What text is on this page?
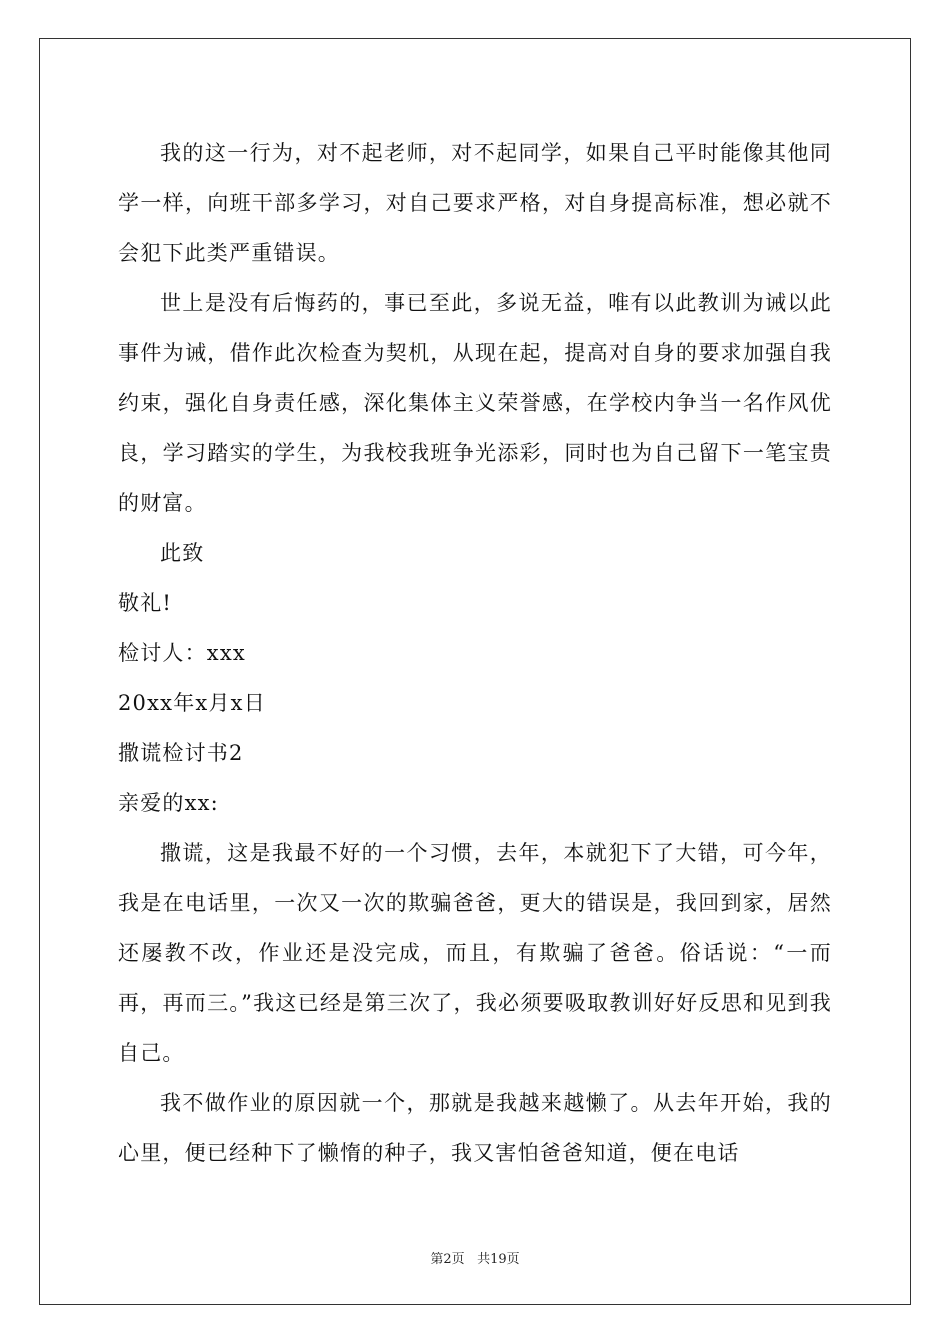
我的这一行为，对不起老师，对不起同学，如果自己平时能像其他同学一样，向班干部多学习，对自己要求严格，对自身提高标准，想必就不会犯下此类严重错误。

世上是没有后悔药的，事已至此，多说无益，唯有以此教训为诫以此事件为诫，借作此次检查为契机，从现在起，提高对自身的要求加强自我约束，强化自身责任感，深化集体主义荣誉感，在学校内争当一名作风优良，学习踏实的学生，为我校我班争光添彩，同时也为自己留下一笔宝贵的财富。

此致

敬礼!

检讨人：xxx

20xx年x月x日

撒谎检讨书2

亲爱的xx:

撒谎，这是我最不好的一个习惯，去年，本就犯下了大错，可今年，我是在电话里，一次又一次的欺骗爸爸，更大的错误是，我回到家，居然还屡教不改，作业还是没完成，而且，有欺骗了爸爸。俗话说：“一而再，再而三。”我这已经是第三次了，我必须要吸取教训好好反思和见到我自己。

我不做作业的原因就一个，那就是我越来越懒了。从去年开始，我的心里，便已经种下了懒惰的种子，我又害怕爸爸知道，便在电话

第2页 共19页
